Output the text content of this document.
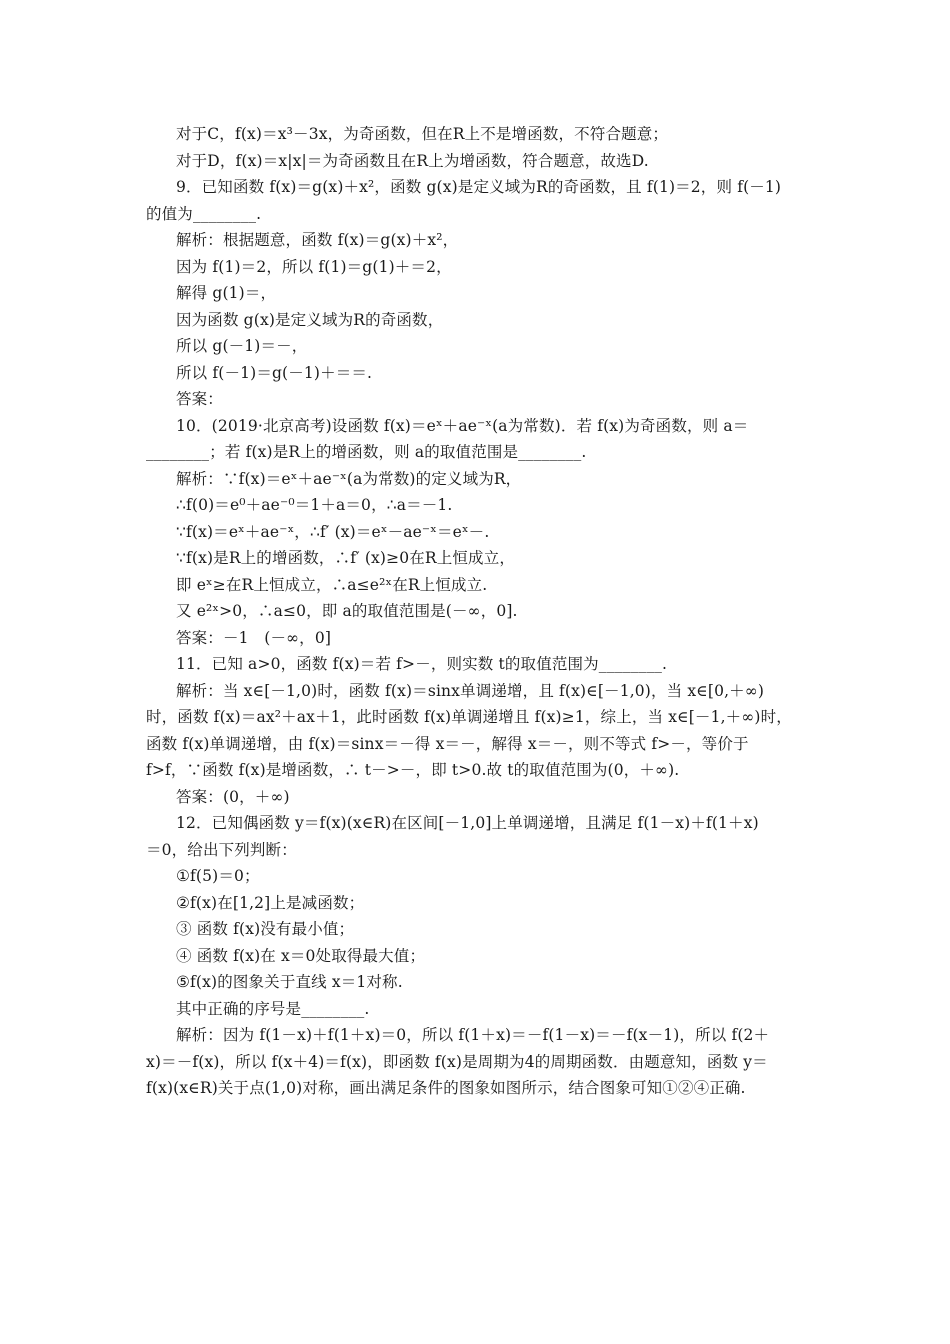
对于C，f(x)＝x³－3x，为奇函数，但在R上不是增函数，不符合题意；
对于D，f(x)＝x|x|＝为奇函数且在R上为增函数，符合题意，故选D.
9．已知函数 f(x)＝g(x)＋x²，函数 g(x)是定义域为R的奇函数，且 f(1)＝2，则 f(－1)
的值为________.
解析：根据题意，函数 f(x)＝g(x)＋x²，
因为 f(1)＝2，所以 f(1)＝g(1)＋＝2，
解得 g(1)＝，
因为函数 g(x)是定义域为R的奇函数，
所以 g(－1)＝－，
所以 f(－1)＝g(－1)＋＝＝.
答案：
10．(2019·北京高考)设函数 f(x)＝eˣ＋ae⁻ˣ(a为常数)．若 f(x)为奇函数，则 a＝
________；若 f(x)是R上的增函数，则 a的取值范围是________.
解析：∵f(x)＝eˣ＋ae⁻ˣ(a为常数)的定义域为R，
∴f(0)＝e⁰＋ae⁻⁰＝1＋a＝0，∴a＝－1.
∵f(x)＝eˣ＋ae⁻ˣ，∴f′ (x)＝eˣ－ae⁻ˣ＝eˣ－.
∵f(x)是R上的增函数，∴f′ (x)≥0在R上恒成立，
即 eˣ≥在R上恒成立，∴a≤e²ˣ在R上恒成立.
又 e²ˣ>0，∴a≤0，即 a的取值范围是(－∞，0].
答案：－1　(－∞，0]
11．已知 a>0，函数 f(x)＝若 f>－，则实数 t的取值范围为________.
解析：当 x∈[－1,0)时，函数 f(x)＝sinx单调递增，且 f(x)∈[－1,0)，当 x∈[0,＋∞)
时，函数 f(x)＝ax²＋ax＋1，此时函数 f(x)单调递增且 f(x)≥1，综上，当 x∈[－1,＋∞)时，
函数 f(x)单调递增，由 f(x)＝sinx＝－得 x＝－，解得 x＝－，则不等式 f>－，等价于
f>f，∵函数 f(x)是增函数，∴ t－>－，即 t>0.故 t的取值范围为(0，＋∞).
答案：(0，＋∞)
12．已知偶函数 y＝f(x)(x∈R)在区间[－1,0]上单调递增，且满足 f(1－x)＋f(1＋x)
＝0，给出下列判断：
①f(5)＝0；
②f(x)在[1,2]上是减函数；
③ 函数 f(x)没有最小值；
④ 函数 f(x)在 x＝0处取得最大值；
⑤f(x)的图象关于直线 x＝1对称.
其中正确的序号是________.
解析：因为 f(1－x)＋f(1＋x)＝0，所以 f(1＋x)＝－f(1－x)＝－f(x－1)，所以 f(2＋
x)＝－f(x)，所以 f(x＋4)＝f(x)，即函数 f(x)是周期为4的周期函数．由题意知，函数 y＝
f(x)(x∈R)关于点(1,0)对称，画出满足条件的图象如图所示，结合图象可知①②④正确.
